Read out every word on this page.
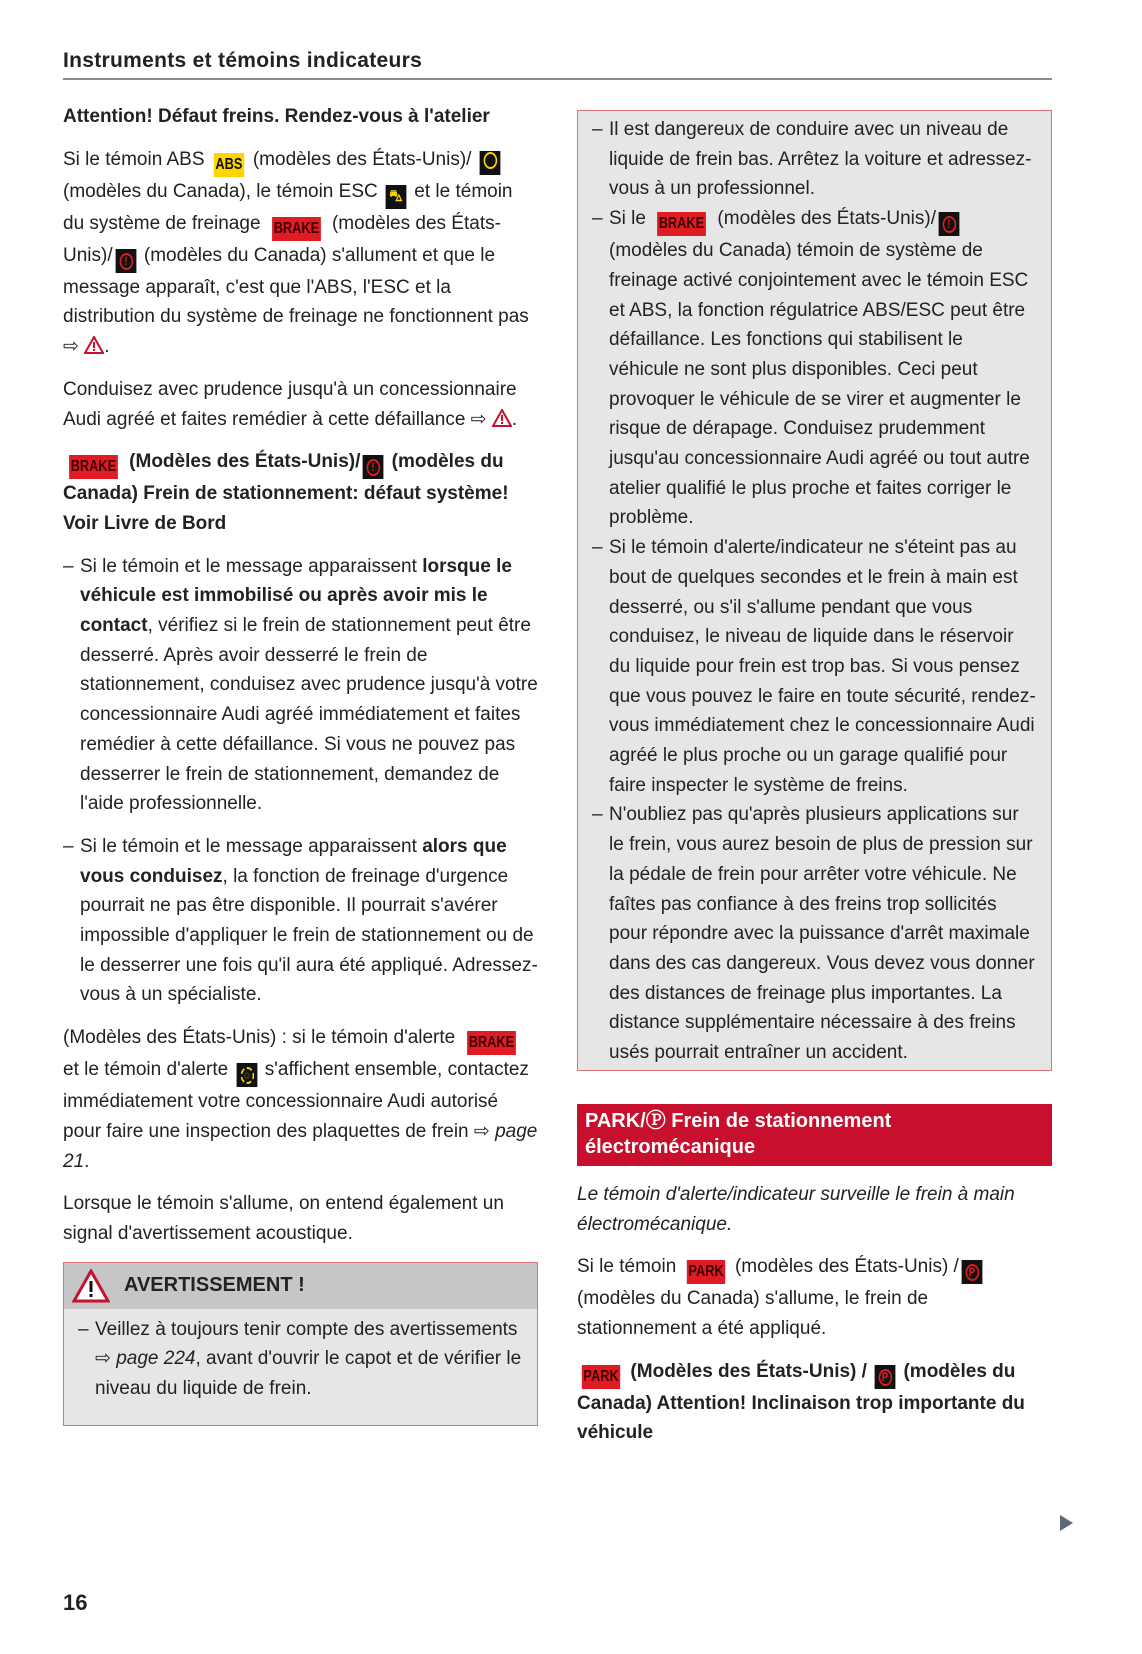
Instruments et témoins indicateurs
Attention! Défaut freins. Rendez-vous à l'atelier
Si le témoin ABS ABS (modèles des États-Unis)/  (modèles du Canada), le témoin ESC ⛍ et le témoin du système de freinage BRAKE (modèles des États-Unis)/ ! (modèles du Canada) s'allument et que le message apparaît, c'est que l'ABS, l'ESC et la distribution du système de freinage ne fonctionnent pas ⇨ .
Conduisez avec prudence jusqu'à un concessionnaire Audi agréé et faites remédier à cette défaillance ⇨ .
BRAKE (Modèles des États-Unis)/ ! (modèles du Canada) Frein de stationnement: défaut système! Voir Livre de Bord
– Si le témoin et le message apparaissent lorsque le véhicule est immobilisé ou après avoir mis le contact, vérifiez si le frein de stationnement peut être desserré. Après avoir desserré le frein de stationnement, conduisez avec prudence jusqu'à votre concessionnaire Audi agréé immédiatement et faites remédier à cette défaillance. Si vous ne pouvez pas desserrer le frein de stationnement, demandez de l'aide professionnelle.
– Si le témoin et le message apparaissent alors que vous conduisez, la fonction de freinage d'urgence pourrait ne pas être disponible. Il pourrait s'avérer impossible d'appliquer le frein de stationnement ou de le desserrer une fois qu'il aura été appliqué. Adressez-vous à un spécialiste.
(Modèles des États-Unis) : si le témoin d'alerte BRAKE et le témoin d'alerte ◌ s'affichent ensemble, contactez immédiatement votre concessionnaire Audi autorisé pour faire une inspection des plaquettes de frein ⇨ page 21.
Lorsque le témoin s'allume, on entend également un signal d'avertissement acoustique.
AVERTISSEMENT !
– Veillez à toujours tenir compte des avertissements ⇨ page 224, avant d'ouvrir le capot et de vérifier le niveau du liquide de frein.
– Il est dangereux de conduire avec un niveau de liquide de frein bas. Arrêtez la voiture et adressez-vous à un professionnel.
– Si le BRAKE (modèles des États-Unis)/ ! (modèles du Canada) témoin de système de freinage activé conjointement avec le témoin ESC et ABS, la fonction régulatrice ABS/ESC peut être défaillance. Les fonctions qui stabilisent le véhicule ne sont plus disponibles. Ceci peut provoquer le véhicule de se virer et augmenter le risque de dérapage. Conduisez prudemment jusqu'au concessionnaire Audi agréé ou tout autre atelier qualifié le plus proche et faites corriger le problème.
– Si le témoin d'alerte/indicateur ne s'éteint pas au bout de quelques secondes et le frein à main est desserré, ou s'il s'allume pendant que vous conduisez, le niveau de liquide dans le réservoir du liquide pour frein est trop bas. Si vous pensez que vous pouvez le faire en toute sécurité, rendez-vous immédiatement chez le concessionnaire Audi agréé le plus proche ou un garage qualifié pour faire inspecter le système de freins.
– N'oubliez pas qu'après plusieurs applications sur le frein, vous aurez besoin de plus de pression sur la pédale de frein pour arrêter votre véhicule. Ne faîtes pas confiance à des freins trop sollicités pour répondre avec la puissance d'arrêt maximale dans des cas dangereux. Vous devez vous donner des distances de freinage plus importantes. La distance supplémentaire nécessaire à des freins usés pourrait entraîner un accident.
PARK/Ⓟ Frein de stationnement électromécanique
Le témoin d'alerte/indicateur surveille le frein à main électromécanique.
Si le témoin PARK (modèles des États-Unis) / P (modèles du Canada) s'allume, le frein de stationnement a été appliqué.
PARK (Modèles des États-Unis) / P (modèles du Canada) Attention! Inclinaison trop importante du véhicule
16
